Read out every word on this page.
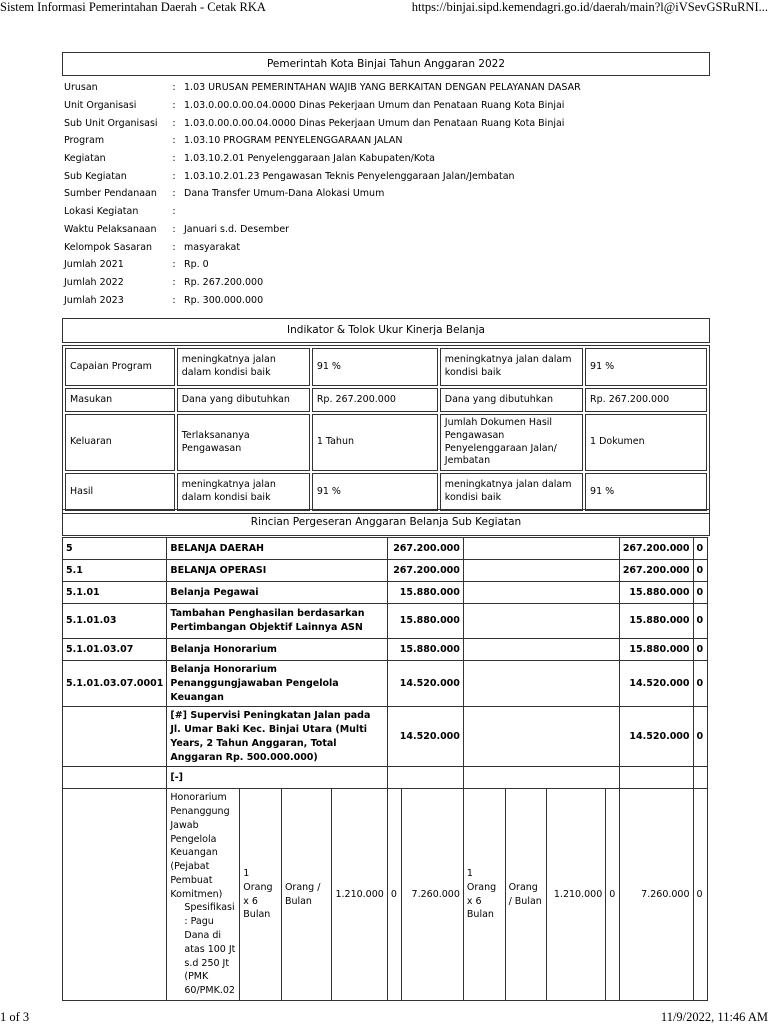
Sistem Informasi Pemerintahan Daerah - Cetak RKA	https://binjai.sipd.kemendagri.go.id/daerah/main?l@iVSevGSRuRNI...
Pemerintah Kota Binjai Tahun Anggaran 2022
Urusan	:	1.03 URUSAN PEMERINTAHAN WAJIB YANG BERKAITAN DENGAN PELAYANAN DASAR
Unit Organisasi	:	1.03.0.00.0.00.04.0000 Dinas Pekerjaan Umum dan Penataan Ruang Kota Binjai
Sub Unit Organisasi	:	1.03.0.00.0.00.04.0000 Dinas Pekerjaan Umum dan Penataan Ruang Kota Binjai
Program	:	1.03.10 PROGRAM PENYELENGGARAAN JALAN
Kegiatan	:	1.03.10.2.01 Penyelenggaraan Jalan Kabupaten/Kota
Sub Kegiatan	:	1.03.10.2.01.23 Pengawasan Teknis Penyelenggaraan Jalan/Jembatan
Sumber Pendanaan	:	Dana Transfer Umum-Dana Alokasi Umum
Lokasi Kegiatan	:	
Waktu Pelaksanaan	:	Januari s.d. Desember
Kelompok Sasaran	:	masyarakat
Jumlah 2021	:	Rp. 0
Jumlah 2022	:	Rp. 267.200.000
Jumlah 2023	:	Rp. 300.000.000
Indikator & Tolok Ukur Kinerja Belanja
Capaian Program	meningkatnya jalan dalam kondisi baik	91 %	meningkatnya jalan dalam kondisi baik	91 %
Masukan	Dana yang dibutuhkan	Rp. 267.200.000	Dana yang dibutuhkan	Rp. 267.200.000
Keluaran	Terlaksananya Pengawasan	1 Tahun	Jumlah Dokumen Hasil Pengawasan Penyelenggaraan Jalan/ Jembatan	1 Dokumen
Hasil	meningkatnya jalan dalam kondisi baik	91 %	meningkatnya jalan dalam kondisi baik	91 %
Rincian Pergeseran Anggaran Belanja Sub Kegiatan
5	BELANJA DAERAH				267.200.000						267.200.000	0
5.1	BELANJA OPERASI				267.200.000						267.200.000	0
5.1.01	Belanja Pegawai				15.880.000						15.880.000	0
5.1.01.03	Tambahan Penghasilan berdasarkan Pertimbangan Objektif Lainnya ASN				15.880.000						15.880.000	0
5.1.01.03.07	Belanja Honorarium				15.880.000						15.880.000	0
5.1.01.03.07.0001	Belanja Honorarium Penanggungjawaban Pengelola Keuangan				14.520.000						14.520.000	0
	[#] Supervisi Peningkatan Jalan pada Jl. Umar Baki Kec. Binjai Utara (Multi Years, 2 Tahun Anggaran, Total Anggaran Rp. 500.000.000)				14.520.000						14.520.000	0
	[-]											

	Honorarium Penanggung Jawab Pengelola Keuangan (Pejabat Pembuat Komitmen)
Spesifikasi : Pagu Dana di atas 100 Jt s.d 250 Jt (PMK 60/PMK.02	1 Orang x 6 Bulan	Orang / Bulan	1.210.000	0	7.260.000	1 Orang x 6 Bulan	Orang / Bulan	1.210.000	0	7.260.000	0
1 of 3	11/9/2022, 11:46 AM
